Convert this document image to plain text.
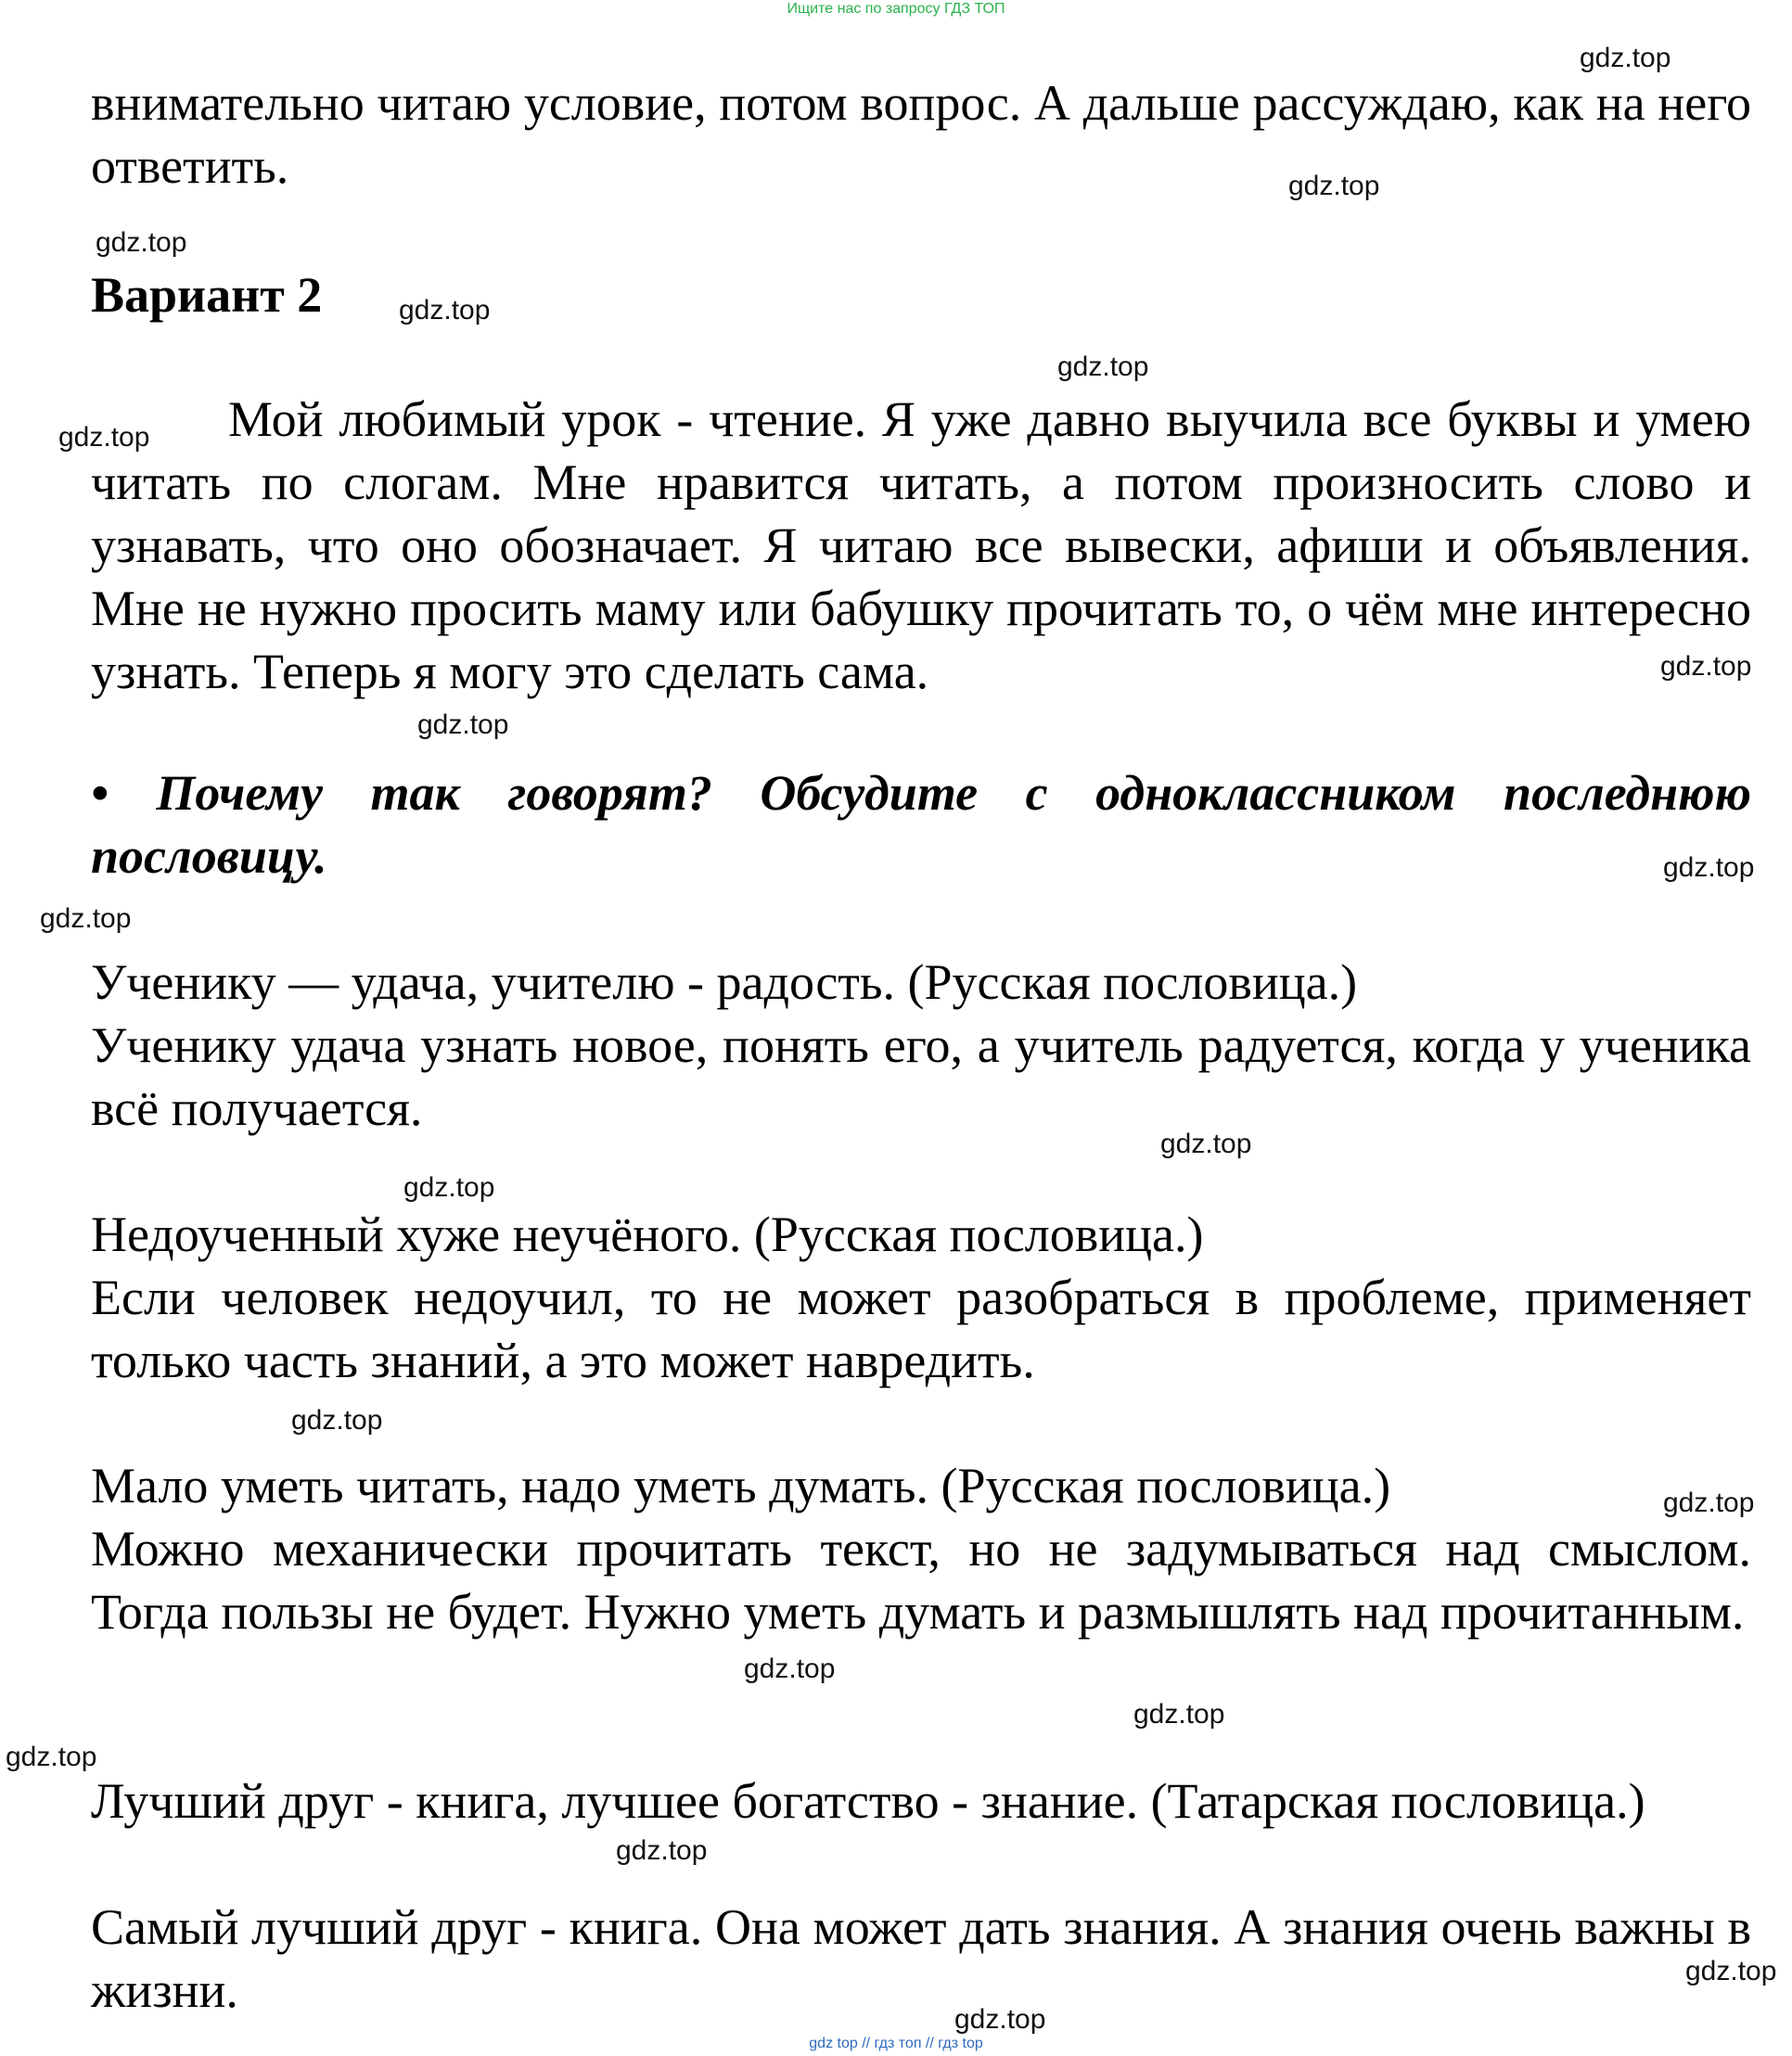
Ищите нас по запросу ГДЗ ТОП

внимательно читаю условие, потом вопрос. А дальше рассуждаю, как на него ответить.

Вариант 2

Мой любимый урок - чтение. Я уже давно выучила все буквы и умею читать по слогам. Мне нравится читать, а потом произносить слово и узнавать, что оно обозначает. Я читаю все вывески, афиши и объявления. Мне не нужно просить маму или бабушку прочитать то, о чём мне интересно узнать. Теперь я могу это сделать сама.

• Почему так говорят? Обсудите с одноклассником последнюю пословицу.

Ученику — удача, учителю - радость. (Русская пословица.)

Ученику удача узнать новое, понять его, а учитель радуется, когда у ученика всё получается.

Недоученный хуже неучёного. (Русская пословица.)

Если человек недоучил, то не может разобраться в проблеме, применяет только часть знаний, а это может навредить.

Мало уметь читать, надо уметь думать. (Русская пословица.)

Можно механически прочитать текст, но не задумываться над смыслом. Тогда пользы не будет. Нужно уметь думать и размышлять над прочитанным.

Лучший друг - книга, лучшее богатство - знание. (Татарская пословица.)

Самый лучший друг - книга. Она может дать знания. А знания очень важны в жизни.

gdz.top
gdz.top
gdz.top
gdz.top
gdz.top
gdz.top
gdz.top
gdz.top
gdz.top
gdz.top
gdz.top
gdz.top
gdz.top
gdz.top
gdz.top
gdz.top
gdz.top
gdz.top
gdz.top
gdz.top
gdz top // гдз топ // гдз top
